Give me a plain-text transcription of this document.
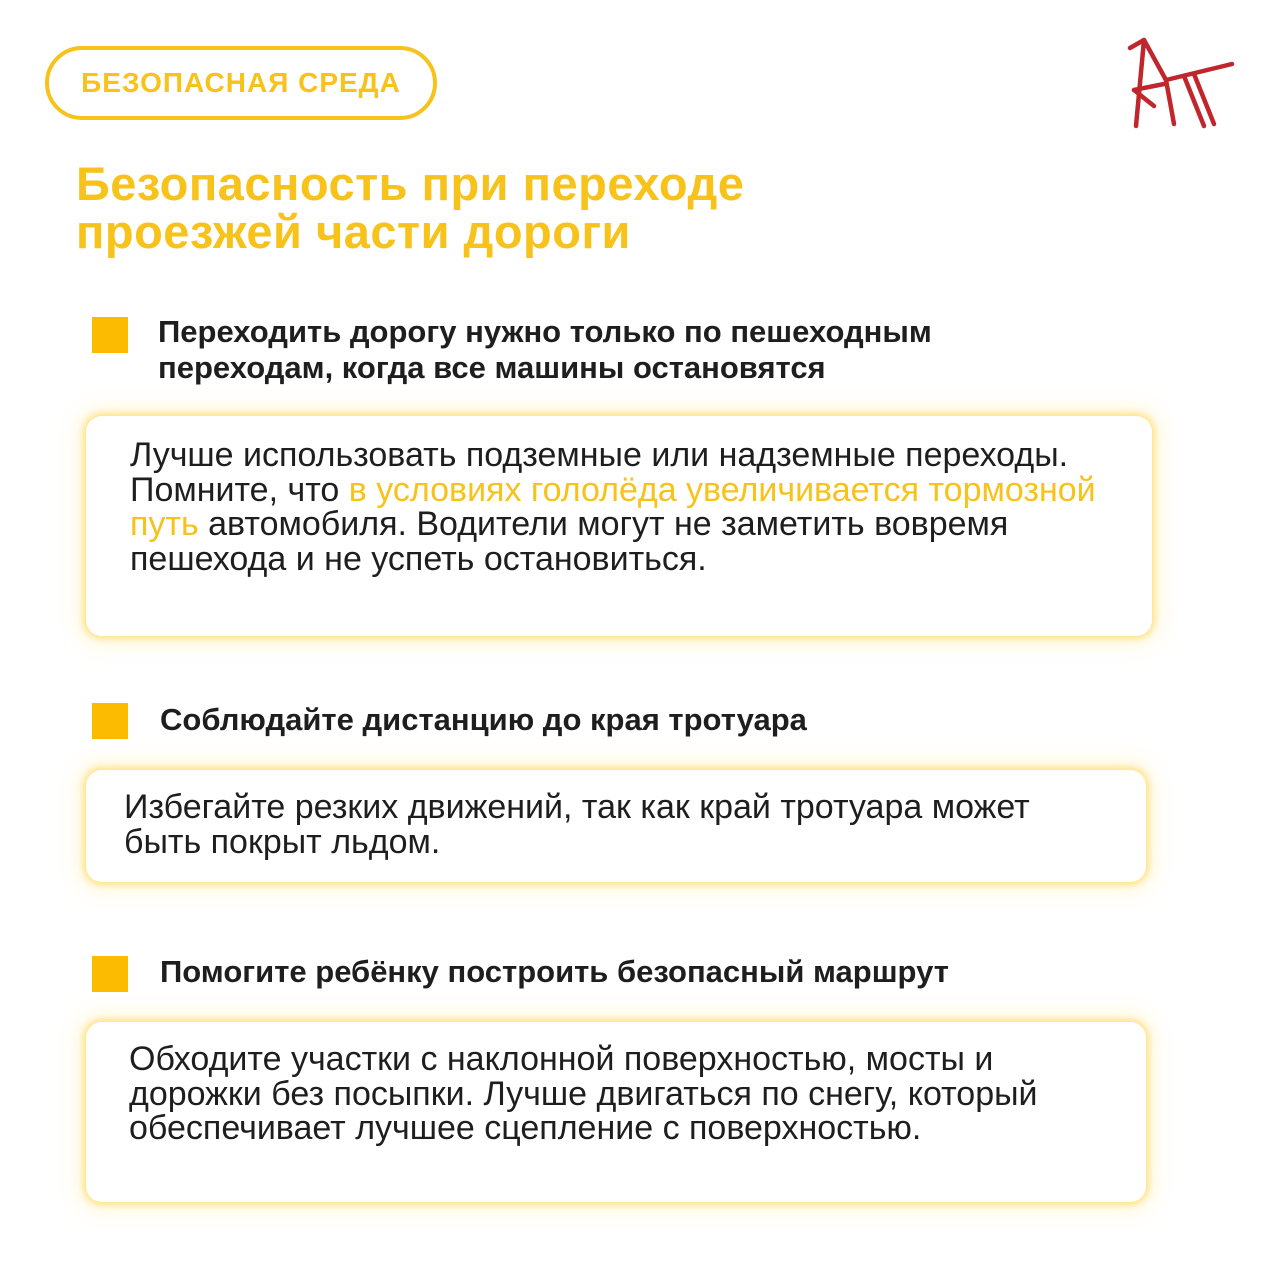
БЕЗОПАСНАЯ СРЕДА
Безопасность при переходе
проезжей части дороги
Переходить дорогу нужно только по пешеходным
переходам, когда все машины остановятся

Лучше использовать подземные или надземные переходы. Помните, что в условиях гололёда увеличивается тормозной путь автомобиля. Водители могут не заметить вовремя пешехода и не успеть остановиться.

Соблюдайте дистанцию до края тротуара

Избегайте резких движений, так как край тротуара может быть покрыт льдом.

Помогите ребёнку построить безопасный маршрут

Обходите участки с наклонной поверхностью, мосты и дорожки без посыпки. Лучше двигаться по снегу, который обеспечивает лучшее сцепление с поверхностью.
